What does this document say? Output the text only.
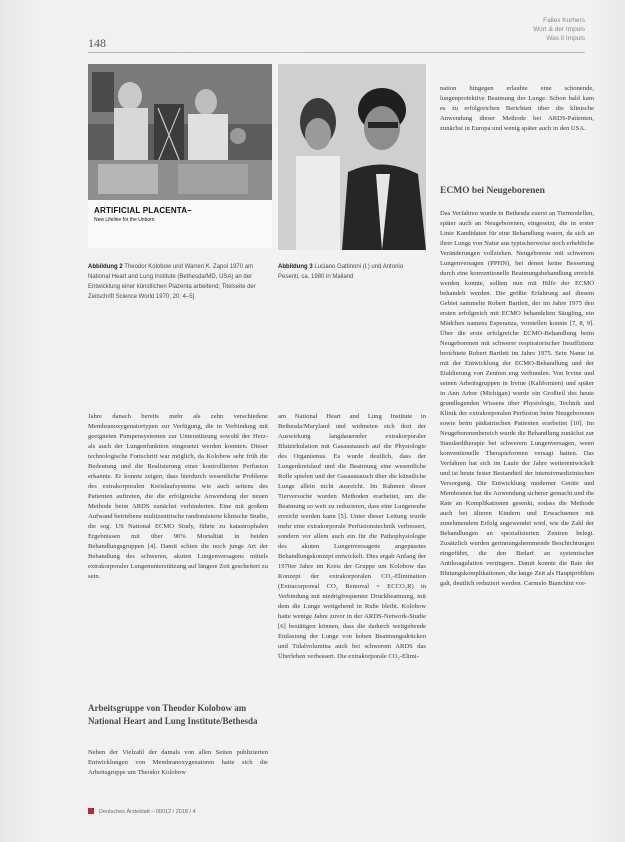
148
Fallex Kurhers
Wort & der Impuls
Was it Impuls
ARTIFICIAL PLACENTA–
New Lifeline for the Unborn
Abbildung 2 Theodor Kolobow und Warren K. Zapol 1970 am National Heart and Lung Institute (Bethesda/MD, USA) an der Entwicklung einer künstlichen Plazenta arbeitend; Titelseite der Zeitschrift Science World 1970; 20: 4–5].
Abbildung 3 Luciano Gattinoni (l.) und Antonio Pesenti, ca. 1980 in Mailand

nation hingegen erlaubte eine schonende, lungenprotektive Beatmung der Lunge. Schon bald kam es zu erfolgreichen Berichten über die klinische Anwendung dieser Methode bei ARDS-Patienten, zunächst in Europa und wenig später auch in den USA.

ECMO bei Neugeborenen

Das Verfahren wurde in Bethesda zuerst an Tiermodellen, später auch an Neugeborenen, eingesetzt, die in erster Linie Kandidaten für eine Behandlung waren, da sich an ihrer Lunge von Natur aus typischerweise noch erhebliche Veränderungen vollziehen. Neugeborene mit schwerem Lungenversagen (PPHN), bei denen keine Besserung durch eine konventionelle Beatmungsbehandlung erreicht werden konnte, sollten nun mit Hilfe der ECMO behandelt werden. Die größte Erfahrung auf diesem Gebiet sammelte Robert Bartlett, der im Jahre 1975 den ersten erfolgreich mit ECMO behandelten Säugling, ein Mädchen namens Esperanza, vorstellen konnte [7, 8, 9]. Über die erste erfolgreiche ECMO-Behandlung beim Neugeborenen mit schwerer respiratorischer Insuffizienz berichtete Robert Bartlett im Jahre 1975. Sein Name ist mit der Entwicklung der ECMO-Behandlung und der Etablierung von Zentren eng verbunden. Von Irvine und seinen Arbeitsgruppen in Irvine (Kalifornien) und später in Ann Arbor (Michigan) wurde ein Großteil des heute grundlegenden Wissens über Physiologie, Technik und Klinik der extrakorporalen Perfusion beim Neugeborenen sowie beim pädiatrischen Patienten erarbeitet [10]. Im Neugeborenenbereich wurde die Behandlung zunächst zur Standardtherapie bei schwerem Lungenversagen, wenn konventionelle Therapieformen versagt hatten. Das Verfahren hat sich im Laufe der Jahre weiterentwickelt und ist heute fester Bestandteil der intensivmedizinischen Versorgung. Die Entwicklung moderner Geräte und Membranen hat die Anwendung sicherer gemacht und die Rate an Komplikationen gesenkt, sodass die Methode auch bei älteren Kindern und Erwachsenen mit zunehmendem Erfolg angewendet wird, wie die Zahl der Behandlungen an spezialisierten Zentren belegt. Zusätzlich wurden gerinnungshemmende Beschichtungen eingeführt, die den Bedarf an systemischer Antikoagulation verringern. Damit konnte die Rate der Blutungskomplikationen, die lange Zeit als Hauptproblem galt, deutlich reduziert werden. Carmelo Bianchini vor-

Jahre danach bereits mehr als zehn verschiedene Membranoxygenatortypen zur Verfügung, die in Verbindung mit geeigneten Pumpensystemen zur Unterstützung sowohl der Herz- als auch der Lungenfunktion eingesetzt werden konnten. Dieser technologische Fortschritt war möglich, da Kolobow sehr früh die Bedeutung und die Realisierung einer kontrollierten Perfusion erkannte. Er konnte zeigen, dass hierdurch wesentliche Probleme des extrakorporalen Kreislaufsystems wie auch seitens des Patienten auftreten, die die erfolgreiche Anwendung der neuen Methode beim ARDS zunächst verhinderten. Eine mit großem Aufwand betriebene multizentrische randomisierte klinische Studie, die sog. US National ECMO Study, führte zu katastrophalen Ergebnissen mit über 90% Mortalität in beiden Behandlungsgruppen [4]. Damit schien die noch junge Art der Behandlung des schweren, akuten Lungenversagens mittels extrakorporaler Lungenunterstützung auf längere Zeit gescheitert zu sein.

am National Heart and Lung Institute in Bethesda/Maryland und widmeten sich dort der Auswirkung langdauernder extrakorporaler Blutzirkulation mit Gasaustausch auf die Physiologie des Organismus. Es wurde deutlich, dass der Lungenkreislauf und die Beatmung eine wesentliche Rolle spielen und der Gasaustausch über die künstliche Lunge allein nicht ausreicht. Im Rahmen dieser Tierversuche wurden Methoden erarbeitet, um die Beatmung so weit zu reduzieren, dass eine Lungenruhe erreicht werden kann [5]. Unter dieser Leitung wurde mehr eine extrakorporale Perfusionstechnik verbessert, sondern vor allem auch ein für die Pathophysiologie des akuten Lungenversagens angepasstes Behandlungskonzept entwickelt. Dies ergab Anfang der 1970er Jahre im Kreis der Gruppe um Kolobow das Konzept der extrakorporalen CO₂-Elimination (Extracorporeal CO₂ Removal = ECCO₂R) in Verbindung mit niedrigfrequenter Druckbeatmung, mit dem die Lunge weitgehend in Ruhe bleibt. Kolobow hatte wenige Jahre zuvor in der ARDS-Network-Studie [6] bestätigen können, dass die dadurch weitgehende Entlastung der Lunge von hohen Beatmungsdrücken und Tidalvolumina auch bei schwerem ARDS das Überleben verbessert. Die extrakorporale CO₂-Elimi-

Arbeitsgruppe von Theodor Kolobow am National Heart and Lung Institute/Bethesda

Neben der Vielzahl der damals von allen Seiten publizierten Entwicklungen von Membranoxygenatoren hatte sich die Arbeitsgruppe um Theodor Kolobow

Deutsches Ärzteblatt – 00012 / 2018 / 4
